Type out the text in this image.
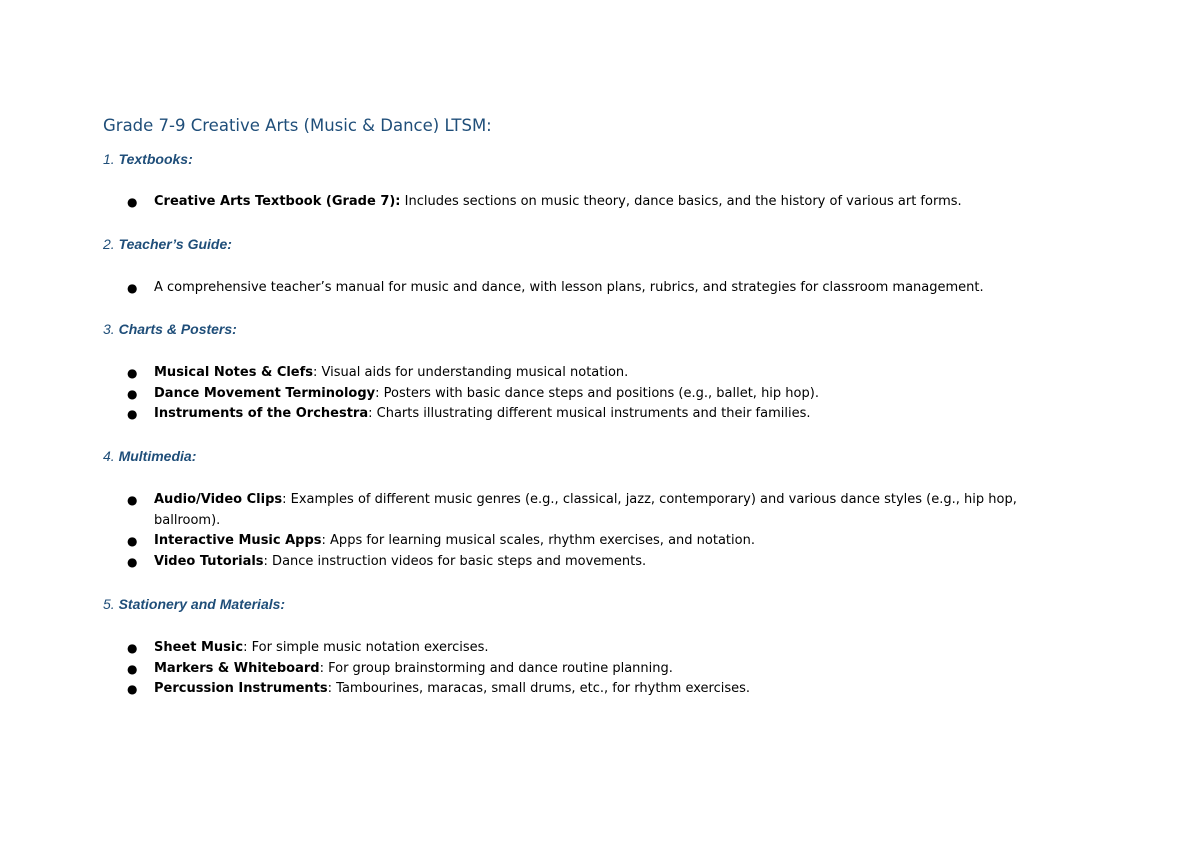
Grade 7-9 Creative Arts (Music & Dance) LTSM:
1. Textbooks:
● Creative Arts Textbook (Grade 7): Includes sections on music theory, dance basics, and the history of various art forms.
2. Teacher’s Guide:
● A comprehensive teacher’s manual for music and dance, with lesson plans, rubrics, and strategies for classroom management.
3. Charts & Posters:
● Musical Notes & Clefs: Visual aids for understanding musical notation.
● Dance Movement Terminology: Posters with basic dance steps and positions (e.g., ballet, hip hop).
● Instruments of the Orchestra: Charts illustrating different musical instruments and their families.
4. Multimedia:
● Audio/Video Clips: Examples of different music genres (e.g., classical, jazz, contemporary) and various dance styles (e.g., hip hop, ballroom).
● Interactive Music Apps: Apps for learning musical scales, rhythm exercises, and notation.
● Video Tutorials: Dance instruction videos for basic steps and movements.
5. Stationery and Materials:
● Sheet Music: For simple music notation exercises.
● Markers & Whiteboard: For group brainstorming and dance routine planning.
● Percussion Instruments: Tambourines, maracas, small drums, etc., for rhythm exercises.
